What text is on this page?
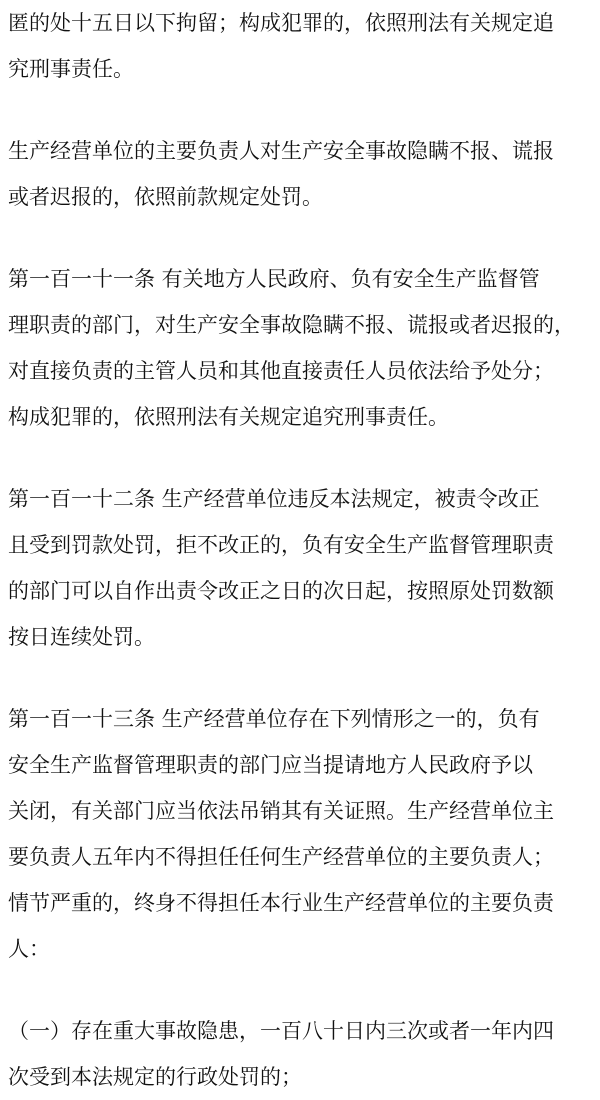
匿的处十五日以下拘留；构成犯罪的，依照刑法有关规定追
究刑事责任。
生产经营单位的主要负责人对生产安全事故隐瞒不报、谎报
或者迟报的，依照前款规定处罚。
第一百一十一条 有关地方人民政府、负有安全生产监督管
理职责的部门，对生产安全事故隐瞒不报、谎报或者迟报的，
对直接负责的主管人员和其他直接责任人员依法给予处分；
构成犯罪的，依照刑法有关规定追究刑事责任。
第一百一十二条 生产经营单位违反本法规定，被责令改正
且受到罚款处罚，拒不改正的，负有安全生产监督管理职责
的部门可以自作出责令改正之日的次日起，按照原处罚数额
按日连续处罚。
第一百一十三条 生产经营单位存在下列情形之一的，负有
安全生产监督管理职责的部门应当提请地方人民政府予以
关闭，有关部门应当依法吊销其有关证照。生产经营单位主
要负责人五年内不得担任任何生产经营单位的主要负责人；
情节严重的，终身不得担任本行业生产经营单位的主要负责
人：
（一）存在重大事故隐患，一百八十日内三次或者一年内四
次受到本法规定的行政处罚的；
